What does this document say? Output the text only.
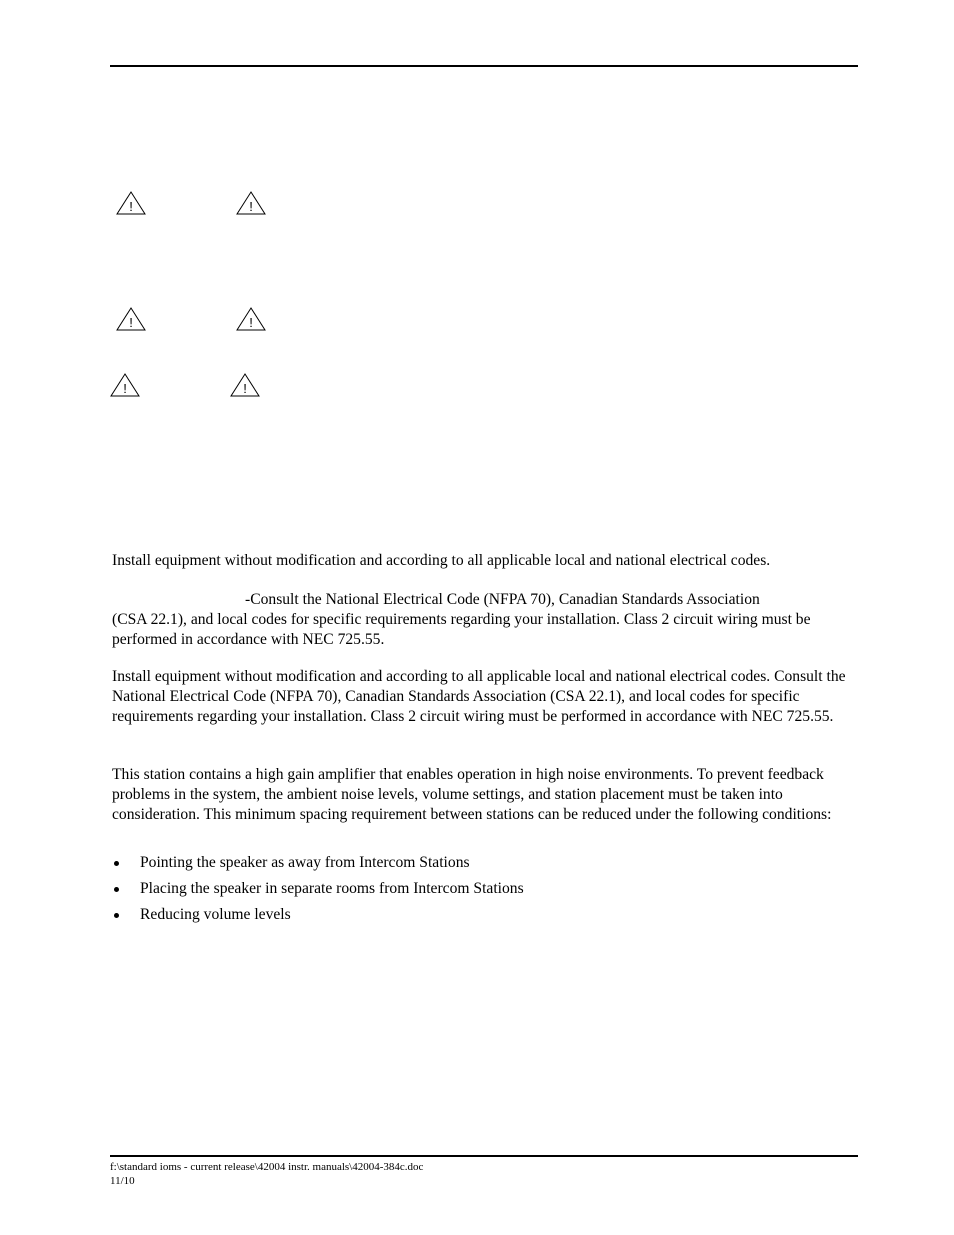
!	!
!	!
!	!

Install equipment without modification and according to all applicable local and national electrical codes.

-Consult the National Electrical Code (NFPA 70), Canadian Standards Association
(CSA 22.1), and local codes for specific requirements regarding your installation. Class 2 circuit wiring must be performed in accordance with NEC 725.55.

Install equipment without modification and according to all applicable local and national electrical codes. Consult the National Electrical Code (NFPA 70), Canadian Standards Association (CSA 22.1), and local codes for specific requirements regarding your installation. Class 2 circuit wiring must be performed in accordance with NEC 725.55.

This station contains a high gain amplifier that enables operation in high noise environments. To prevent feedback problems in the system, the ambient noise levels, volume settings, and station placement must be taken into consideration. This minimum spacing requirement between stations can be reduced under the following conditions:

Pointing the speaker as away from Intercom Stations
Placing the speaker in separate rooms from Intercom Stations
Reducing volume levels
f:\standard ioms - current release\42004 instr. manuals\42004-384c.doc
11/10
